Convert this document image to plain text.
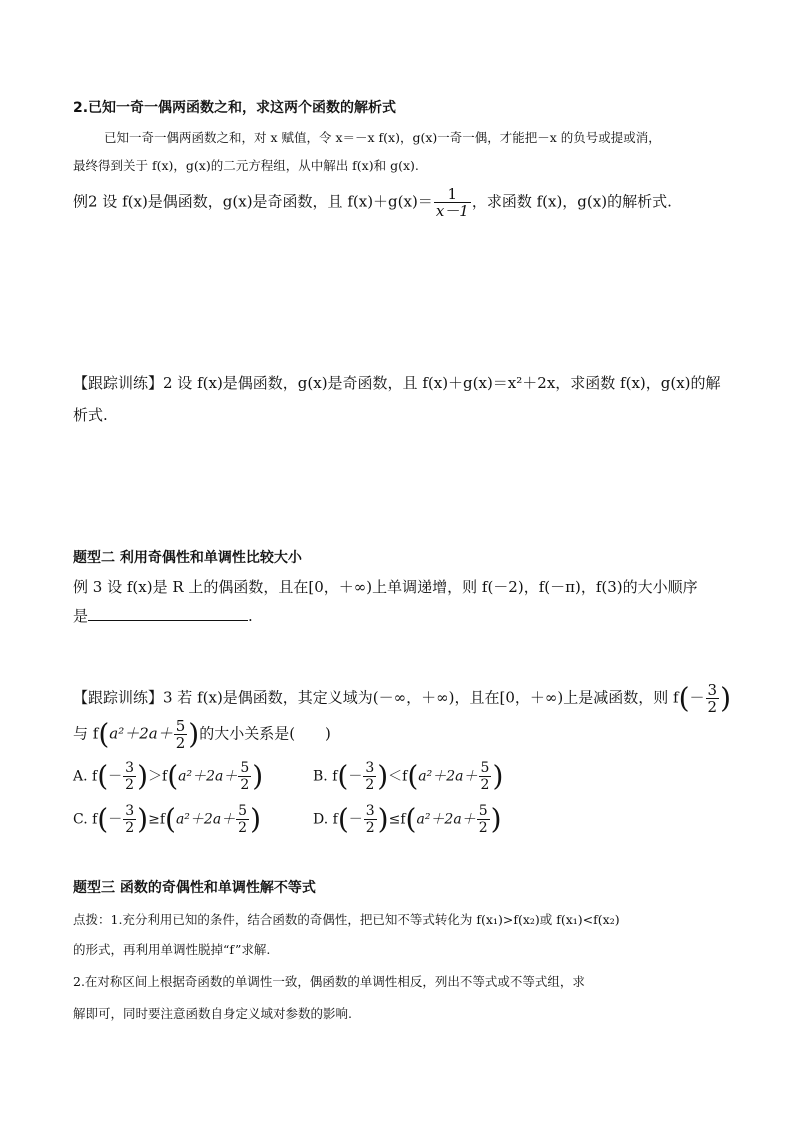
2.已知一奇一偶两函数之和，求这两个函数的解析式
已知一奇一偶两函数之和，对 x 赋值，令 x＝－x f(x)，g(x)一奇一偶，才能把－x 的负号或提或消，
最终得到关于 f(x)，g(x)的二元方程组，从中解出 f(x)和 g(x).
例2 设 f(x)是偶函数，g(x)是奇函数，且 $f(x)+g(x)= \frac{1}{x-1}$ ，求函数 f(x)，g(x)的解析式.
【跟踪训练】2 设 f(x)是偶函数，g(x)是奇函数，且 f(x)＋g(x)＝x²＋2x，求函数 f(x)，g(x)的解
析式.
题型二 利用奇偶性和单调性比较大小
例 3 设 f(x)是 R 上的偶函数，且在[0，＋∞)上单调递增，则 f(－2)，f(－π)，f(3)的大小顺序
是	.
【跟踪训练】3 若 f(x)是偶函数，其定义域为(－∞，＋∞)，且在[0，＋∞)上是减函数，则 $f(- \frac{3}{2}$ )
与 $f(a^2+2a+ \frac{5}{2}$ )的大小关系是(　　)
A. $f(- \frac{3}{2} )>f(a^2+2a+ \frac{5}{2}$ )	B. $f(- \frac{3}{2} )<f(a^2+2a+ \frac{5}{2}$ )
C. $f(- \frac{3}{2} )\ge f(a^2+2a+ \frac{5}{2}$ )	D. $f(- \frac{3}{2} )\le f(a^2+2a+ \frac{5}{2}$ )
题型三 函数的奇偶性和单调性解不等式
点拨：1.充分利用已知的条件，结合函数的奇偶性，把已知不等式转化为 f(x₁)>f(x₂)或 f(x₁)<f(x₂)
的形式，再利用单调性脱掉“f”求解.
2.在对称区间上根据奇函数的单调性一致，偶函数的单调性相反，列出不等式或不等式组，求
解即可，同时要注意函数自身定义域对参数的影响.
